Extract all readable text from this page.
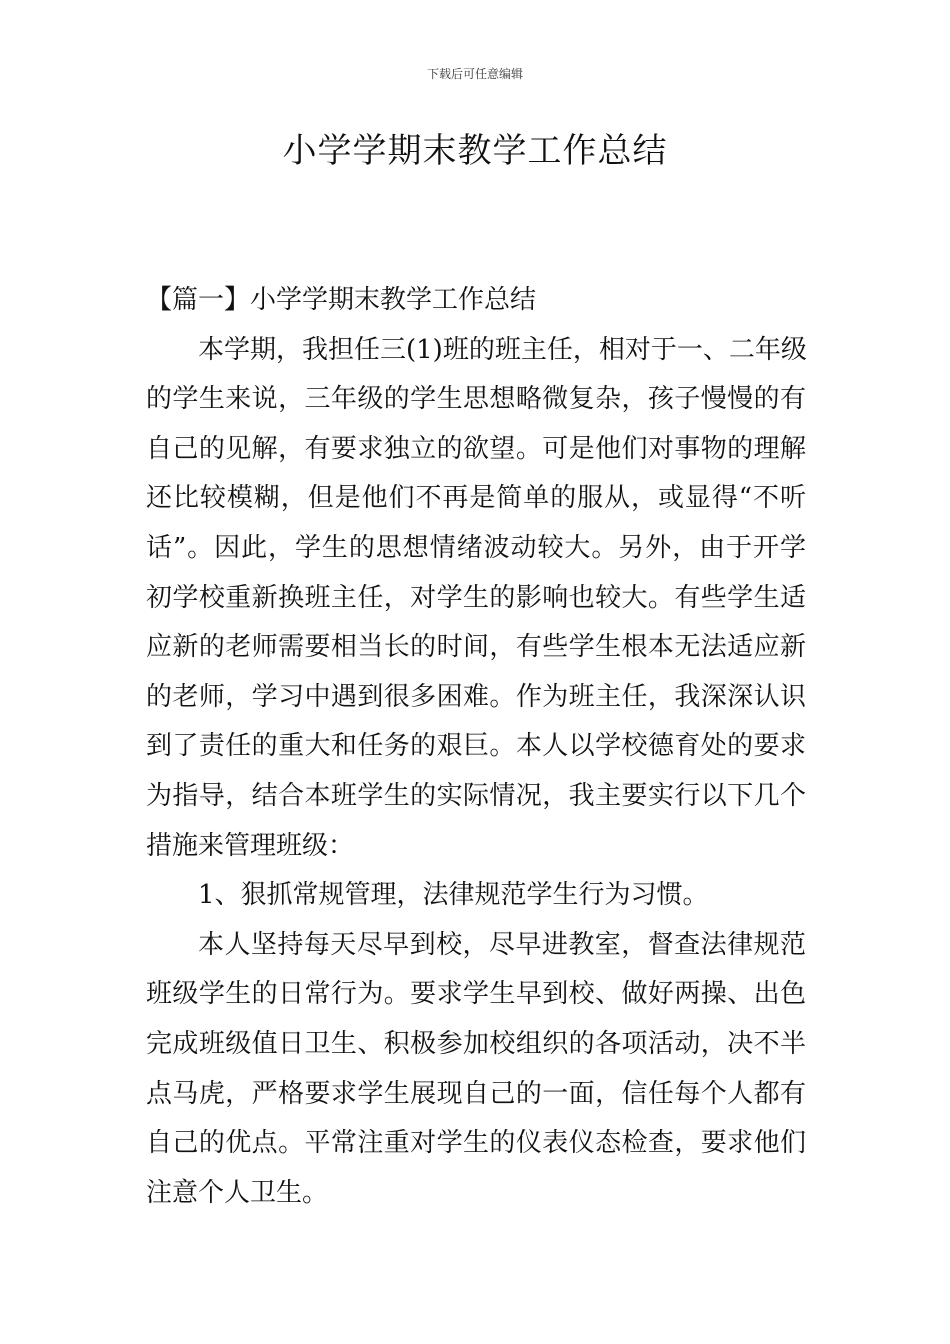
下载后可任意编辑
小学学期末教学工作总结
【篇一】小学学期末教学工作总结
本学期，我担任三(1)班的班主任，相对于一、二年级
的学生来说，三年级的学生思想略微复杂，孩子慢慢的有
自己的见解，有要求独立的欲望。可是他们对事物的理解
还比较模糊，但是他们不再是简单的服从，或显得“不听
话”。因此，学生的思想情绪波动较大。另外，由于开学
初学校重新换班主任，对学生的影响也较大。有些学生适
应新的老师需要相当长的时间，有些学生根本无法适应新
的老师，学习中遇到很多困难。作为班主任，我深深认识
到了责任的重大和任务的艰巨。本人以学校德育处的要求
为指导，结合本班学生的实际情况，我主要实行以下几个
措施来管理班级：
1、狠抓常规管理，法律规范学生行为习惯。
本人坚持每天尽早到校，尽早进教室，督查法律规范
班级学生的日常行为。要求学生早到校、做好两操、出色
完成班级值日卫生、积极参加校组织的各项活动，决不半
点马虎，严格要求学生展现自己的一面，信任每个人都有
自己的优点。平常注重对学生的仪表仪态检查，要求他们
注意个人卫生。
